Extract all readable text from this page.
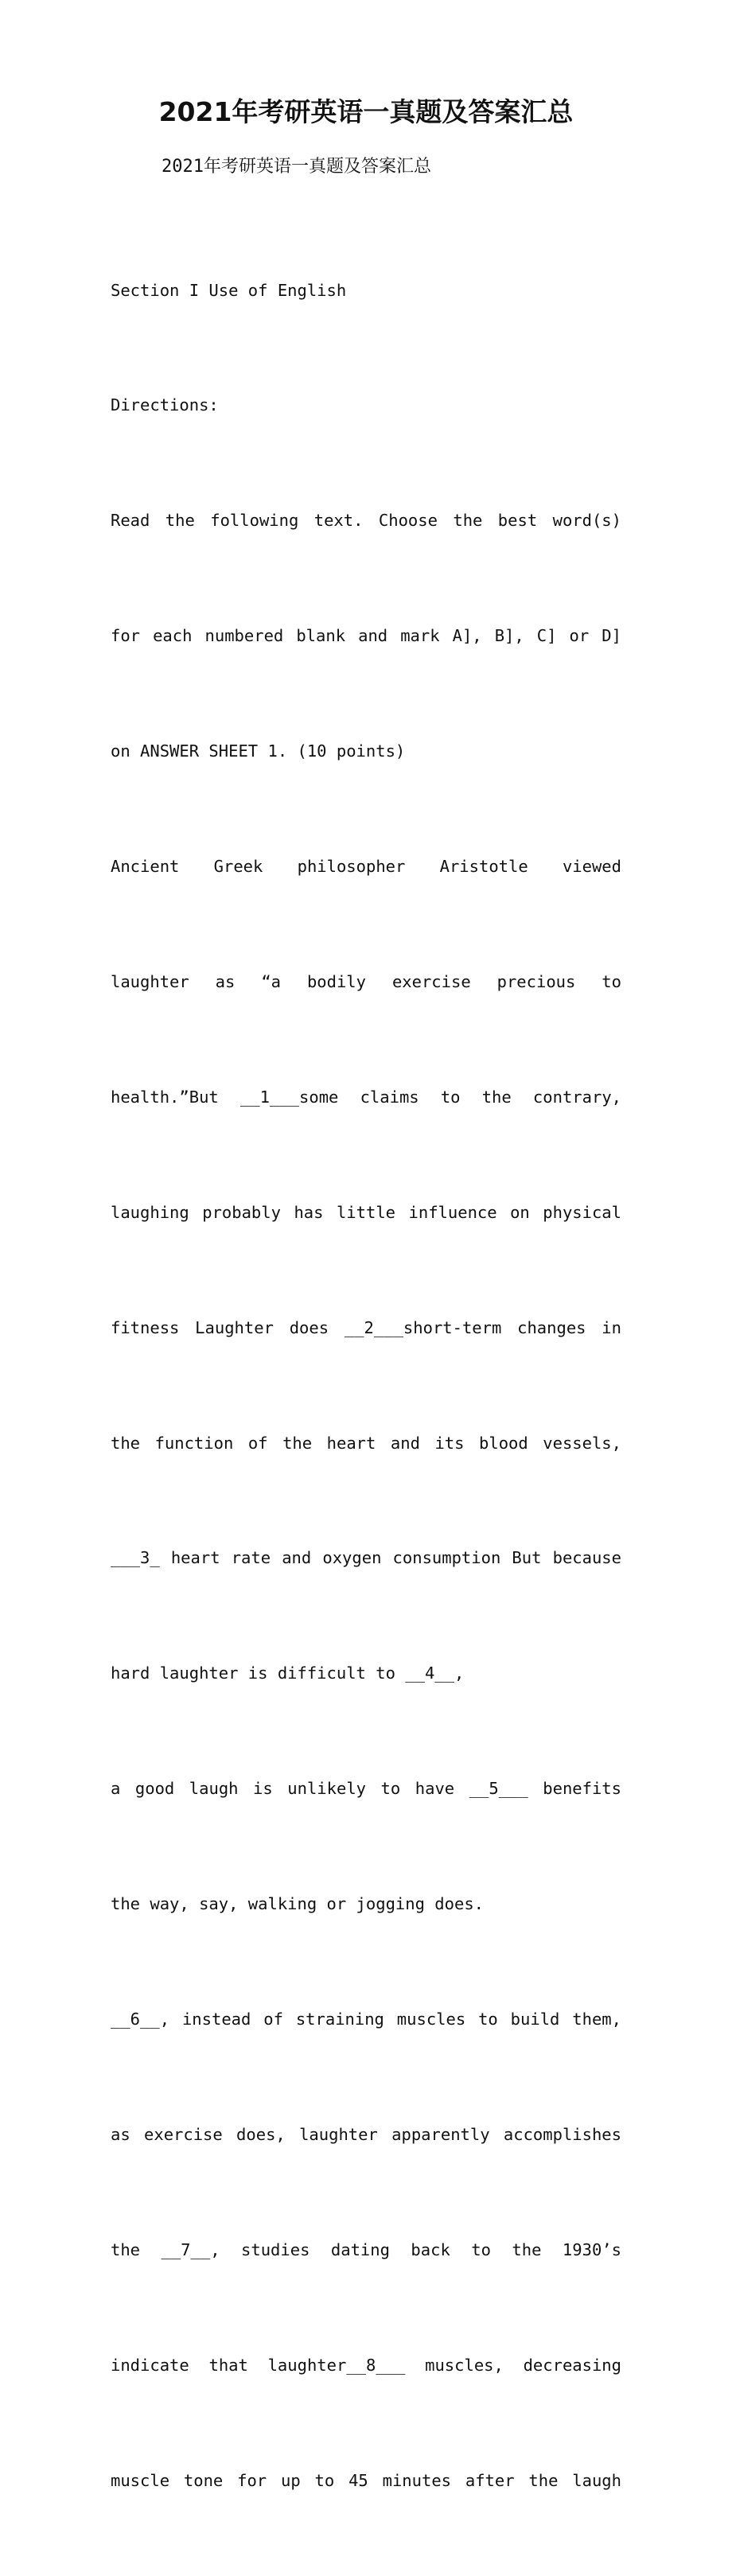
2021年考研英语一真题及答案汇总
2021年考研英语一真题及答案汇总

Section I Use of English

Directions:

Read the following text. Choose the best word(s)

for each numbered blank and mark A], B], C] or D]

on ANSWER SHEET 1. (10 points)

Ancient Greek philosopher Aristotle viewed

laughter as “a bodily exercise precious to

health.”But __1___some claims to the contrary,

laughing probably has little influence on physical

fitness Laughter does __2___short-term changes in

the function of the heart and its blood vessels,

___3_ heart rate and oxygen consumption But because

hard laughter is difficult to __4__,

a good laugh is unlikely to have __5___ benefits

the way, say, walking or jogging does.

__6__, instead of straining muscles to build them,

as exercise does, laughter apparently accomplishes

the __7__, studies dating back to the 1930’s

indicate that laughter__8___ muscles, decreasing

muscle tone for up to 45 minutes after the laugh
